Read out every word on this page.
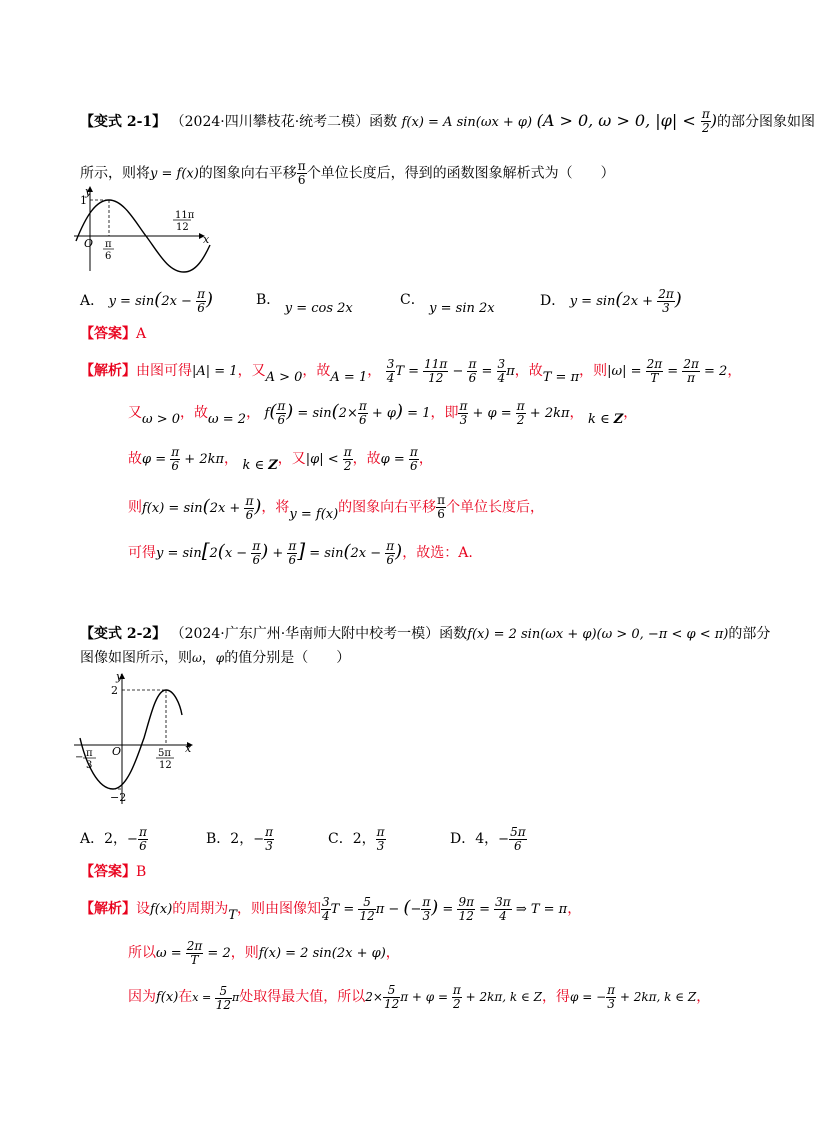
【变式 2-1】 （2024·四川攀枝花·统考二模）函数 f(x) = A sin(ωx + φ) (A > 0, ω > 0, $|\varphi| < \frac{\pi}{2}$ )的部分图象如图
所示，则将y = f(x)的图象向右平移 $\frac{\pi}{6}$ 个单位长度后，得到的函数图象解析式为（　　）
y
1
O	x
π
6
11π
12
A． $y = \sin(2x - \frac{\pi}{6}$ )	B． y = cos 2x
C． y = sin 2x	D． $y = \sin(2x + \frac{2\pi}{3}$ )
【答案】A
【解析】由图可得|A| = 1，又A > 0，故A = 1， $\frac{3}{4}$ $T = \frac{11\pi}{12} - \frac{\pi}{6} = \frac{3}{4}$ π，故T = π，则$|\omega| = \frac{2\pi}{T} = \frac{2\pi}{\pi} = 2$，
又ω > 0，故ω = 2， $f( \frac{\pi}{6}$ ) = $\sin(2\times \frac{\pi}{6} + \varphi) = 1$，即 $\frac{\pi}{3} + \varphi = \frac{\pi}{2} + 2k\pi$， k ∈ Z，
故$\varphi = \frac{\pi}{6} + 2k\pi$， k ∈ Z，又$|\varphi| < \frac{\pi}{2}$ ，故$\varphi = \frac{\pi}{6}$ ，
则$f(x) = \sin(2x + \frac{\pi}{6}$ )，将y = f(x)的图象向右平移 $\frac{\pi}{6}$ 个单位长度后，
可得$y = \sin[2(x - \frac{\pi}{6}$ ) + $\frac{\pi}{6}$ ] = $\sin(2x - \frac{\pi}{6}$ )，故选：A.
【变式 2-2】 （2024·广东广州·华南师大附中校考一模）函数f(x) = 2 sin(ωx + φ)(ω > 0, −π < φ < π)的部分
图像如图所示，则ω，φ的值分别是（　　）
y
2
−2
O	x
− π
3
5π
12
A．2，− $\frac{\pi}{6}$	B．2，− $\frac{\pi}{3}$	C．2， $\frac{\pi}{3}$	D．4，− $\frac{5\pi}{6}$
【答案】B
【解析】设f(x)的周期为T，则由图像知 $\frac{3}{4}$ $T = \frac{5}{12}$ π − (− $\frac{\pi}{3}$ ) = $\frac{9\pi}{12} = \frac{3\pi}{4}$ ⇒ T = π，
所以$\omega = \frac{2\pi}{T} = 2$，则f(x) = 2 sin(2x + φ)，
因为f(x)在$x = \frac{5}{12}$ π处取得最大值，所以$2\times \frac{5}{12}$ $\pi + \varphi = \frac{\pi}{2} + 2k\pi$, k ∈ Z，得φ = − $\frac{\pi}{3} + 2k\pi$, k ∈ Z，
